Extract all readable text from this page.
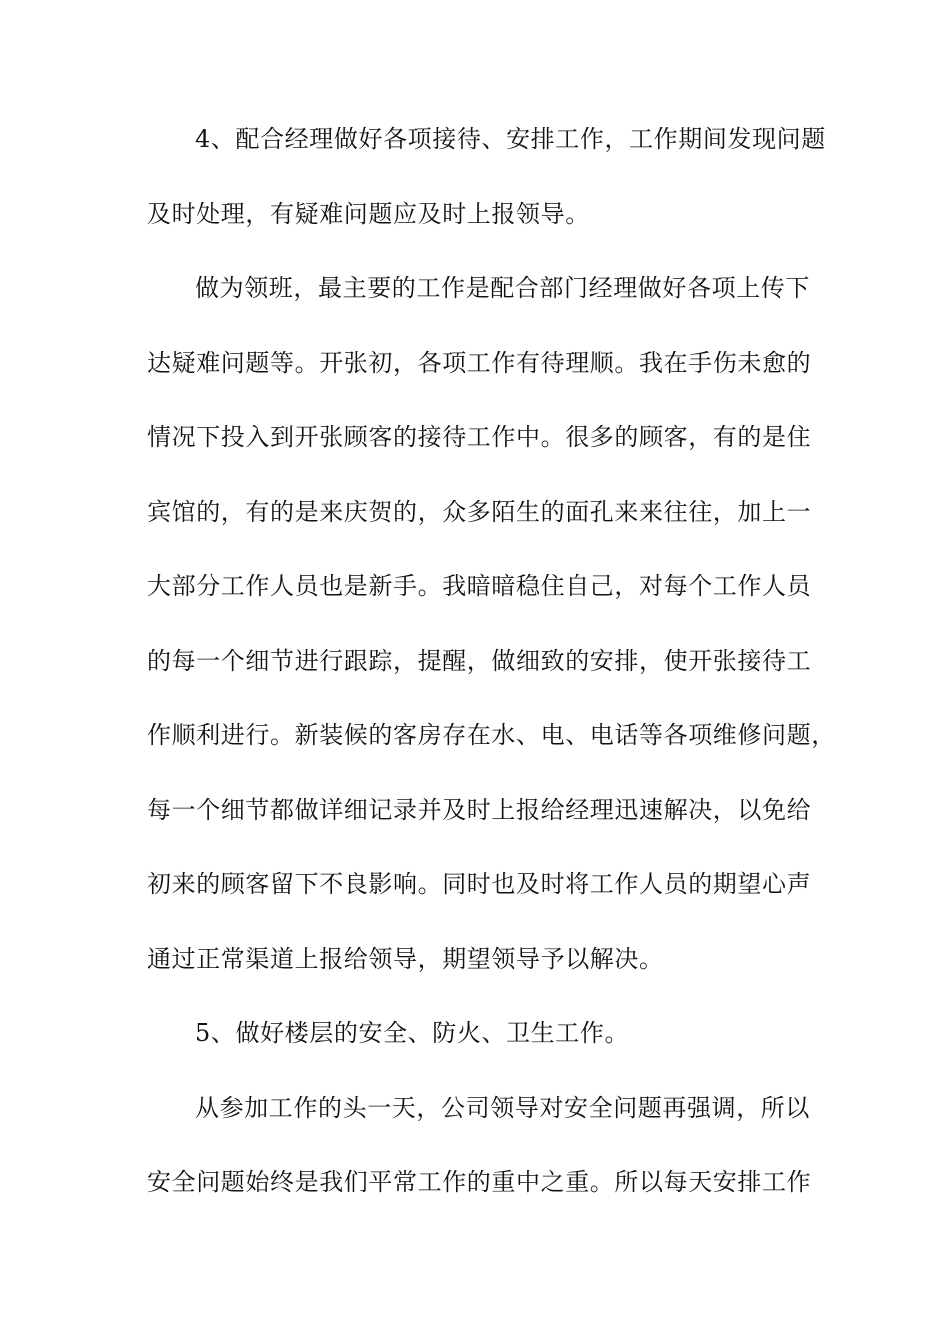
4、配合经理做好各项接待、安排工作，工作期间发现问题
及时处理，有疑难问题应及时上报领导。
做为领班，最主要的工作是配合部门经理做好各项上传下
达疑难问题等。开张初，各项工作有待理顺。我在手伤未愈的
情况下投入到开张顾客的接待工作中。很多的顾客，有的是住
宾馆的，有的是来庆贺的，众多陌生的面孔来来往往，加上一
大部分工作人员也是新手。我暗暗稳住自己，对每个工作人员
的每一个细节进行跟踪，提醒，做细致的安排，使开张接待工
作顺利进行。新装候的客房存在水、电、电话等各项维修问题，
每一个细节都做详细记录并及时上报给经理迅速解决，以免给
初来的顾客留下不良影响。同时也及时将工作人员的期望心声
通过正常渠道上报给领导，期望领导予以解决。
5、做好楼层的安全、防火、卫生工作。
从参加工作的头一天，公司领导对安全问题再强调，所以
安全问题始终是我们平常工作的重中之重。所以每天安排工作
